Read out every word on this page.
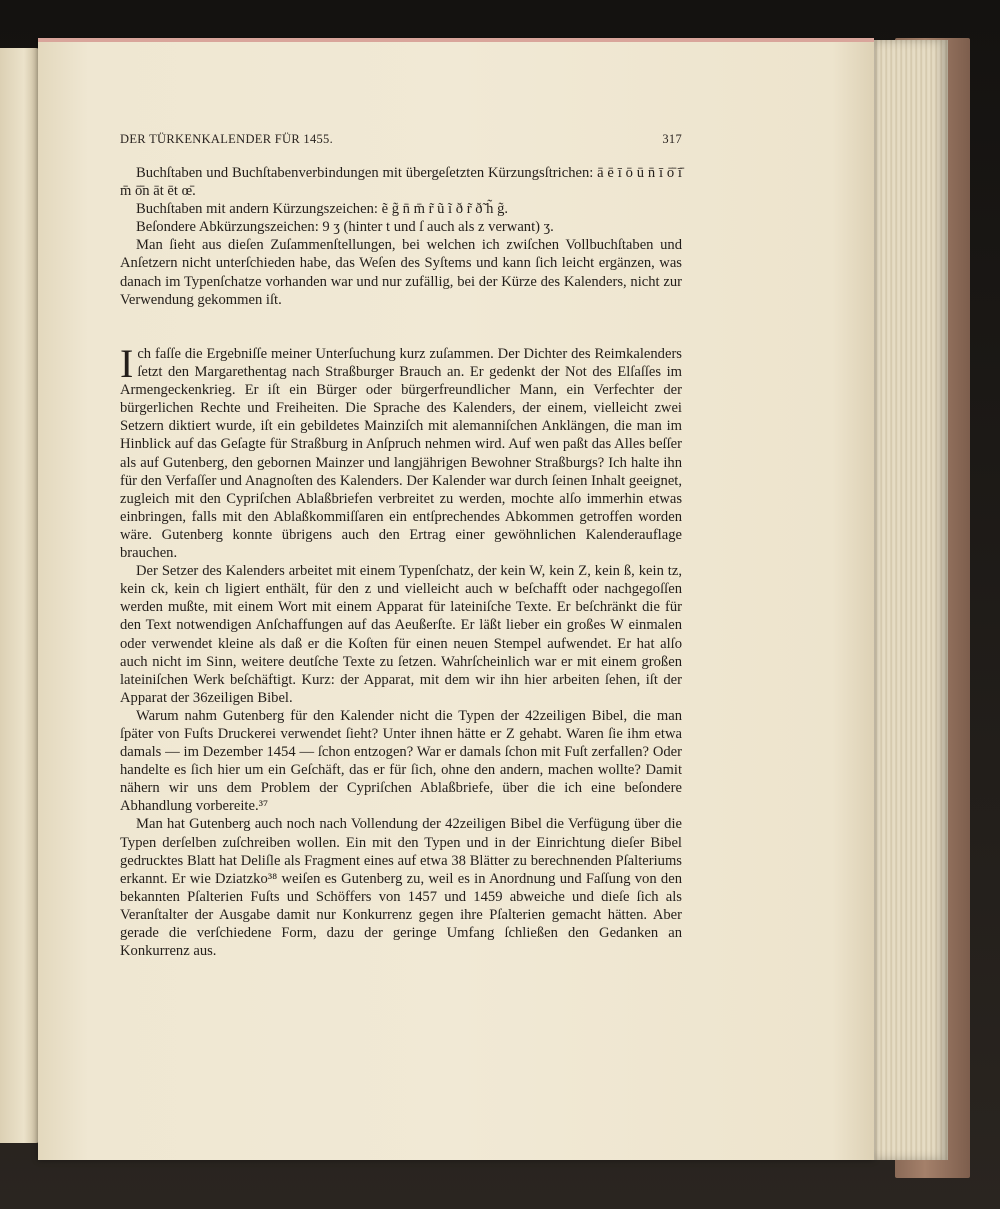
DER TÜRKENKALENDER FÜR 1455.	317

Buchſtaben und Buchſtabenverbindungen mit übergeſetzten Kürzungsſtrichen: ā ē ī ō ū n̄ ī ō̄ ī̄ m̄ ō̄n āt ēt œ̄.

Buchſtaben mit andern Kürzungszeichen: ẽ g̃ n̄ m̄ r̃ ũ ĩ ð r̃ ð̃ h̃ g̃.

Beſondere Abkürzungszeichen: 9 ʒ (hinter t und ſ auch als z verwant) ʒ.

Man ſieht aus dieſen Zuſammenſtellungen, bei welchen ich zwiſchen Vollbuchſtaben und Anſetzern nicht unterſchieden habe, das Weſen des Syſtems und kann ſich leicht ergänzen, was danach im Typenſchatze vorhanden war und nur zufällig, bei der Kürze des Kalenders, nicht zur Verwendung gekommen iſt.

Ich faſſe die Ergebniſſe meiner Unterſuchung kurz zuſammen. Der Dichter des Reimkalenders ſetzt den Margarethentag nach Straßburger Brauch an. Er gedenkt der Not des Elſaſſes im Armengeckenkrieg. Er iſt ein Bürger oder bürgerfreundlicher Mann, ein Verfechter der bürgerlichen Rechte und Freiheiten. Die Sprache des Kalenders, der einem, vielleicht zwei Setzern diktiert wurde, iſt ein gebildetes Mainziſch mit alemanniſchen Anklängen, die man im Hinblick auf das Geſagte für Straßburg in Anſpruch nehmen wird. Auf wen paßt das Alles beſſer als auf Gutenberg, den gebornen Mainzer und langjährigen Bewohner Straßburgs? Ich halte ihn für den Verfaſſer und Anagnoſten des Kalenders. Der Kalender war durch ſeinen Inhalt geeignet, zugleich mit den Cypriſchen Ablaßbriefen verbreitet zu werden, mochte alſo immerhin etwas einbringen, falls mit den Ablaßkommiſſaren ein entſprechendes Abkommen getroffen worden wäre. Gutenberg konnte übrigens auch den Ertrag einer gewöhnlichen Kalenderauflage brauchen.

Der Setzer des Kalenders arbeitet mit einem Typenſchatz, der kein W, kein Z, kein ß, kein tz, kein ck, kein ch ligiert enthält, für den z und vielleicht auch w beſchafft oder nachgegoſſen werden mußte, mit einem Wort mit einem Apparat für lateiniſche Texte. Er beſchränkt die für den Text notwendigen Anſchaffungen auf das Aeußerſte. Er läßt lieber ein großes W einmalen oder verwendet kleine als daß er die Koſten für einen neuen Stempel aufwendet. Er hat alſo auch nicht im Sinn, weitere deutſche Texte zu ſetzen. Wahrſcheinlich war er mit einem großen lateiniſchen Werk beſchäftigt. Kurz: der Apparat, mit dem wir ihn hier arbeiten ſehen, iſt der Apparat der 36zeiligen Bibel.

Warum nahm Gutenberg für den Kalender nicht die Typen der 42zeiligen Bibel, die man ſpäter von Fuſts Druckerei verwendet ſieht? Unter ihnen hätte er Z gehabt. Waren ſie ihm etwa damals — im Dezember 1454 — ſchon entzogen? War er damals ſchon mit Fuſt zerfallen? Oder handelte es ſich hier um ein Geſchäft, das er für ſich, ohne den andern, machen wollte? Damit nähern wir uns dem Problem der Cypriſchen Ablaßbriefe, über die ich eine beſondere Abhandlung vorbereite.³⁷

Man hat Gutenberg auch noch nach Vollendung der 42zeiligen Bibel die Verfügung über die Typen derſelben zuſchreiben wollen. Ein mit den Typen und in der Einrichtung dieſer Bibel gedrucktes Blatt hat Deliſle als Fragment eines auf etwa 38 Blätter zu berechnenden Pſalteriums erkannt. Er wie Dziatzko³⁸ weiſen es Gutenberg zu, weil es in Anordnung und Faſſung von den bekannten Pſalterien Fuſts und Schöffers von 1457 und 1459 abweiche und dieſe ſich als Veranſtalter der Ausgabe damit nur Konkurrenz gegen ihre Pſalterien gemacht hätten. Aber gerade die verſchiedene Form, dazu der geringe Umfang ſchließen den Gedanken an Konkurrenz aus.
